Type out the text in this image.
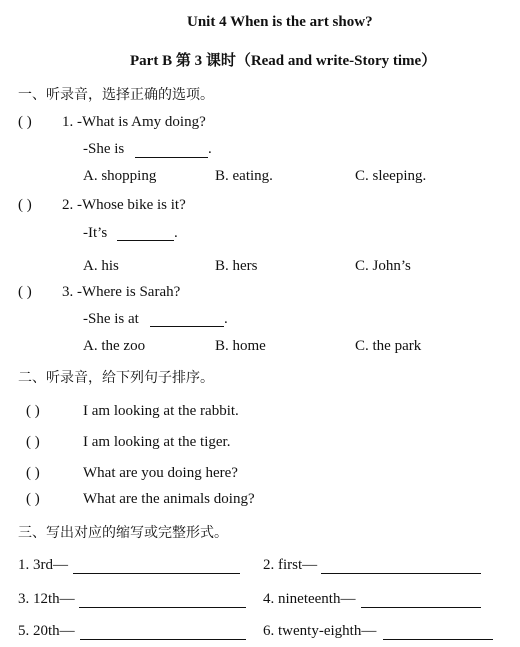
Unit 4 When is the art show?
Part B 第 3 课时（Read and write-Story time）
一、听录音，选择正确的选项。
( ) 1. -What is Amy doing?
-She is	.
A. shopping	B. eating.	C. sleeping.
( ) 2. -Whose bike is it?
-It’s	.
A. his	B. hers	C. John’s
( ) 3. -Where is Sarah?
-She is at	.
A. the zoo	B. home	C. the park
二、听录音，给下列句子排序。
( )	I am looking at the rabbit.
( )	I am looking at the tiger.
( )	What are you doing here?
( )	What are the animals doing?
三、写出对应的缩写或完整形式。
1. 3rd—	2. first—
3. 12th—	4. nineteenth—
5. 20th—	6. twenty-eighth—
